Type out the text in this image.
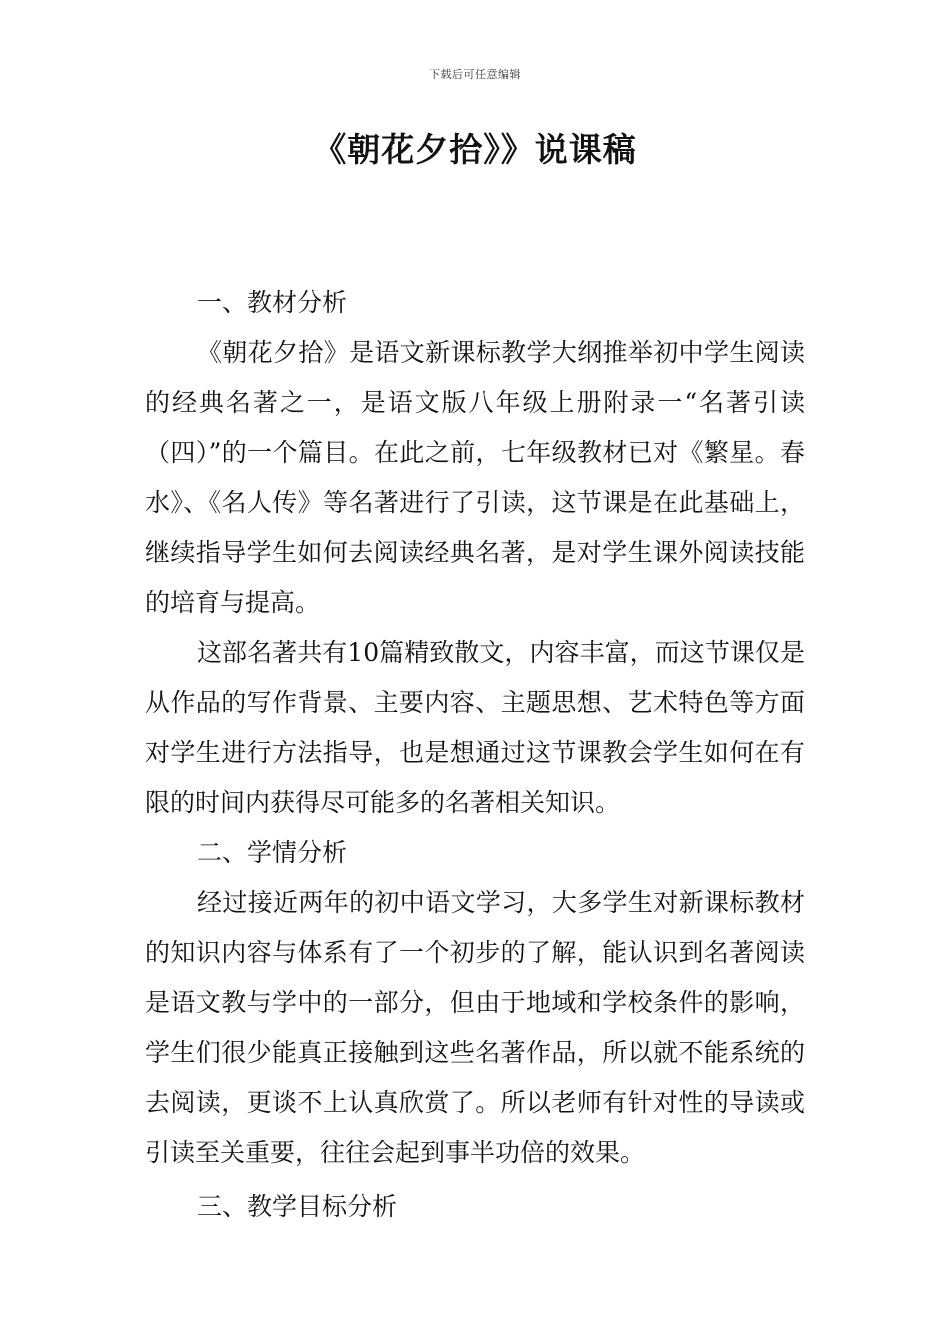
下载后可任意编辑
《朝花夕拾》》说课稿
一、教材分析

《朝花夕拾》是语文新课标教学大纲推举初中学生阅读的经典名著之一，是语文版八年级上册附录一“名著引读（四）”的一个篇目。在此之前，七年级教材已对《繁星。春水》、《名人传》等名著进行了引读，这节课是在此基础上，继续指导学生如何去阅读经典名著，是对学生课外阅读技能的培育与提高。

这部名著共有10篇精致散文，内容丰富，而这节课仅是从作品的写作背景、主要内容、主题思想、艺术特色等方面对学生进行方法指导，也是想通过这节课教会学生如何在有限的时间内获得尽可能多的名著相关知识。

二、学情分析

经过接近两年的初中语文学习，大多学生对新课标教材的知识内容与体系有了一个初步的了解，能认识到名著阅读是语文教与学中的一部分，但由于地域和学校条件的影响，学生们很少能真正接触到这些名著作品，所以就不能系统的去阅读，更谈不上认真欣赏了。所以老师有针对性的导读或引读至关重要，往往会起到事半功倍的效果。

三、教学目标分析
